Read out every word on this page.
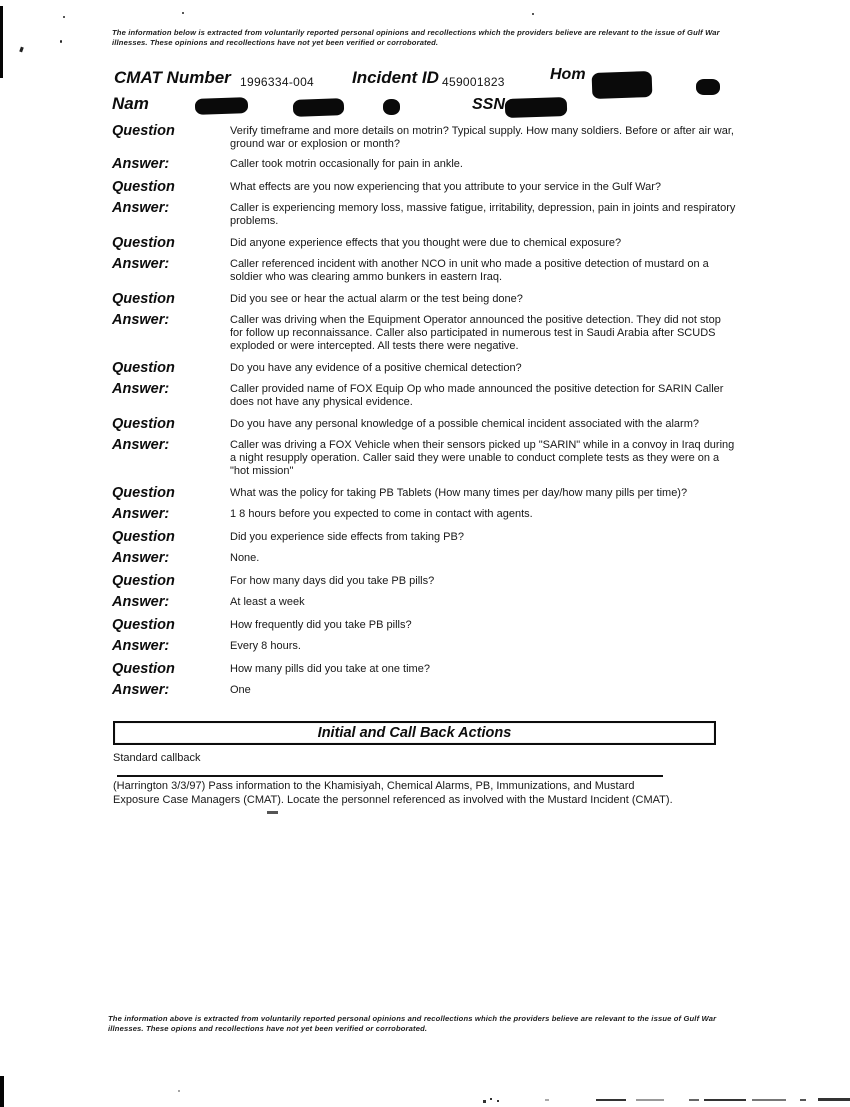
The information below is extracted from voluntarily reported personal opinions and recollections which the providers believe are relevant to the issue of Gulf War illnesses. These opinions and recollections have not yet been verified or corroborated.
CMAT Number 1996334-004 Incident ID 459001823	Hom
Nam	SSN
Question	Verify timeframe and more details on motrin? Typical supply. How many soldiers. Before or after air war, ground war or explosion or month?
Answer:	Caller took motrin occasionally for pain in ankle.
Question	What effects are you now experiencing that you attribute to your service in the Gulf War?
Answer:	Caller is experiencing memory loss, massive fatigue, irritability, depression, pain in joints and respiratory problems.
Question	Did anyone experience effects that you thought were due to chemical exposure?
Answer:	Caller referenced incident with another NCO in unit who made a positive detection of mustard on a soldier who was clearing ammo bunkers in eastern Iraq.
Question	Did you see or hear the actual alarm or the test being done?
Answer:	Caller was driving when the Equipment Operator announced the positive detection. They did not stop for follow up reconnaissance. Caller also participated in numerous test in Saudi Arabia after SCUDS exploded or were intercepted. All tests there were negative.
Question	Do you have any evidence of a positive chemical detection?
Answer:	Caller provided name of FOX Equip Op who made announced the positive detection for SARIN Caller does not have any physical evidence.
Question	Do you have any personal knowledge of a possible chemical incident associated with the alarm?
Answer:	Caller was driving a FOX Vehicle when their sensors picked up "SARIN" while in a convoy in Iraq during a night resupply operation. Caller said they were unable to conduct complete tests as they were on a "hot mission"
Question	What was the policy for taking PB Tablets (How many times per day/how many pills per time)?
Answer:	1 8 hours before you expected to come in contact with agents.
Question	Did you experience side effects from taking PB?
Answer:	None.
Question	For how many days did you take PB pills?
Answer:	At least a week
Question	How frequently did you take PB pills?
Answer:	Every 8 hours.
Question	How many pills did you take at one time?
Answer:	One
Initial and Call Back Actions
Standard callback
(Harrington 3/3/97) Pass information to the Khamisiyah, Chemical Alarms, PB, Immunizations, and Mustard Exposure Case Managers (CMAT). Locate the personnel referenced as involved with the Mustard Incident (CMAT).
The information above is extracted from voluntarily reported personal opinions and recollections which the providers believe are relevant to the issue of Gulf War illnesses. These opions and recollections have not yet been verified or corroborated.
